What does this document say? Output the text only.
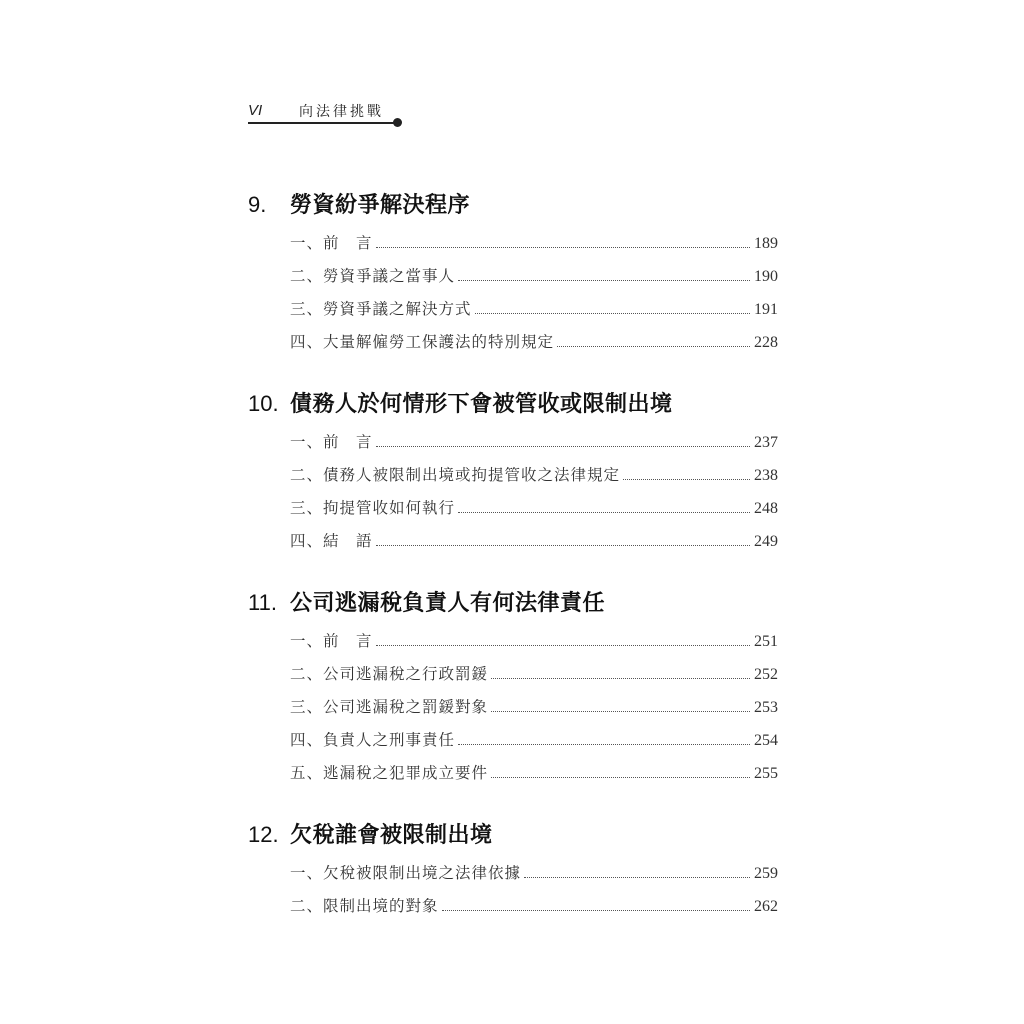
VI	向法律挑戰
9.	勞資紛爭解決程序
一、前　言	189
二、勞資爭議之當事人	190
三、勞資爭議之解決方式	191
四、大量解僱勞工保護法的特別規定	228
10. 債務人於何情形下會被管收或限制出境
一、前　言	237
二、債務人被限制出境或拘提管收之法律規定	238
三、拘提管收如何執行	248
四、結　語	249
11. 公司逃漏稅負責人有何法律責任
一、前　言	251
二、公司逃漏稅之行政罰鍰	252
三、公司逃漏稅之罰鍰對象	253
四、負責人之刑事責任	254
五、逃漏稅之犯罪成立要件	255
12. 欠稅誰會被限制出境
一、欠稅被限制出境之法律依據	259
二、限制出境的對象	262
